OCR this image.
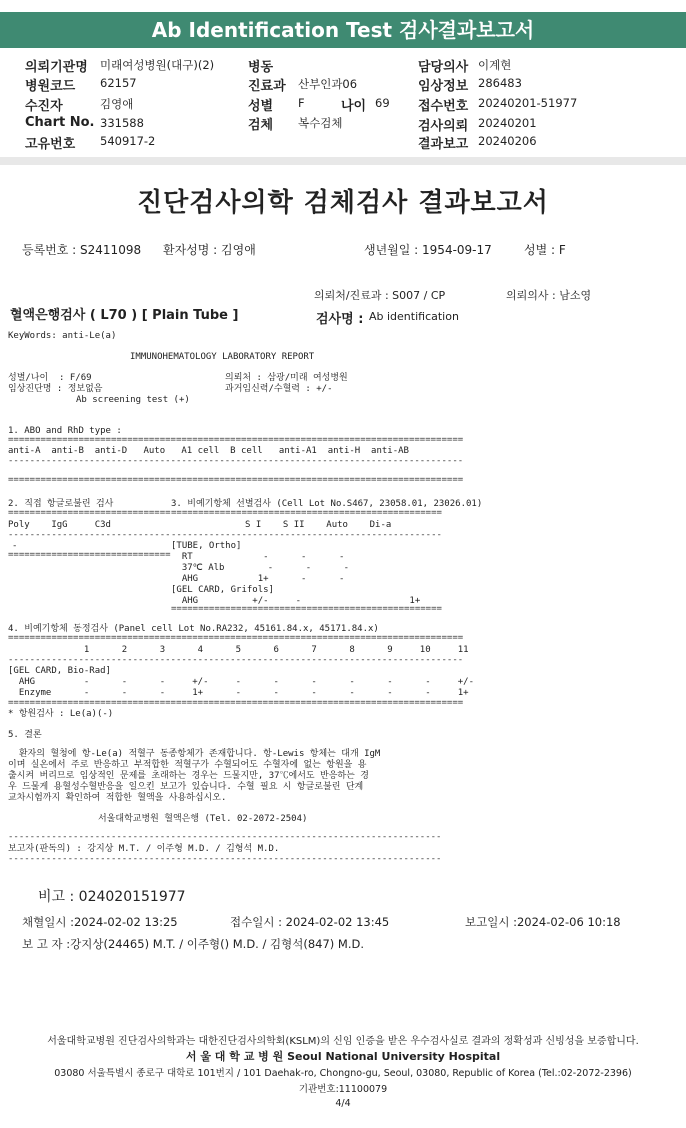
Ab Identification Test 검사결과보고서
의뢰기관명 미래여성병원(대구)(2)
병원코드 62157
수진자	김영애
Chart No. 331588
고유번호 540917-2
병동
진료과 산부인과06
성별 F	나이 69
검체 복수검체
담당의사 이계현
임상정보 286483
접수번호 20240201-51977
검사의뢰 20240201
결과보고 20240206
진단검사의학 검체검사 결과보고서
등록번호 : S2411098 환자성명 : 김영애	생년월일 : 1954-09-17	성별 : F
의뢰처/진료과 : S007 / CP	의뢰의사 : 남소영
혈액은행검사 ( L70 ) [ Plain Tube ]	검사명 : Ab identification
KeyWords: anti-Le(a)
IMMUNOHEMATOLOGY LABORATORY REPORT
성별/나이  : F/69
임상진단명 : 정보없음
Ab screening test (+)
의뢰처 : 삼광/미래 여성병원
과거임신력/수혈력 : +/-
1. ABO and RhD type :
====================================================================================
anti-A  anti-B  anti-D   Auto   A1 cell  B cell   anti-A1  anti-H  anti-AB
------------------------------------------------------------------------------------
====================================================================================
2. 직접 항글로불린 검사
==============================
Poly    IgG     C3d
------------------------------
-
==============================
3. 비예기항체 선별검사 (Cell Lot No.S467, 23058.01, 23026.01)
==================================================
S I    S II    Auto    Di-a
--------------------------------------------------
[TUBE, Ortho]
RT             -      -      -
37℃ Alb        -      -      -
AHG           1+      -      -
[GEL CARD, Grifols]
AHG          +/-     -                    1+
==================================================
4. 비예기항체 동정검사 (Panel cell Lot No.RA232, 45161.84.x, 45171.84.x)
====================================================================================
1      2      3      4      5      6      7      8      9     10     11
------------------------------------------------------------------------------------
[GEL CARD, Bio-Rad]
AHG         -      -      -     +/-     -      -      -      -      -      -     +/-
Enzyme      -      -      -     1+      -      -      -      -      -      -     1+
====================================================================================
* 항원검사 : Le(a)(-)
5. 결론
환자의 혈청에 항-Le(a) 적혈구 동종항체가 존재합니다. 항-Lewis 항체는 대개 IgM
이며 실온에서 주로 반응하고 부적합한 적혈구가 수혈되어도 수혈자에 없는 항원을 용
출시켜 버리므로 임상적인 문제를 초래하는 경우는 드물지만, 37℃에서도 반응하는 경
우 드물게 용혈성수혈반응을 일으킨 보고가 있습니다. 수혈 필요 시 항글로불린 단계
교차시험까지 확인하여 적합한 혈액을 사용하십시오.
서울대학교병원 혈액은행 (Tel. 02-2072-2504)
--------------------------------------------------------------------------------
보고자(판독의) : 강지상 M.T. / 이주형 M.D. / 김형석 M.D.
--------------------------------------------------------------------------------
비고 : 024020151977
채혈일시 :2024-02-02 13:25	접수일시 : 2024-02-02 13:45	보고일시 :2024-02-06 10:18
보 고 자 :강지상(24465) M.T. / 이주형() M.D. / 김형석(847) M.D.
서울대학교병원 진단검사의학과는 대한진단검사의학회(KSLM)의 신임 인증을 받은 우수검사실로 결과의 정확성과 신빙성을 보증합니다.
서 울 대 학 교 병 원 Seoul National University Hospital
03080 서울특별시 종로구 대학로 101번지 / 101 Daehak-ro, Chongno-gu, Seoul, 03080, Republic of Korea (Tel.:02-2072-2396)
기관번호:11100079
4/4
